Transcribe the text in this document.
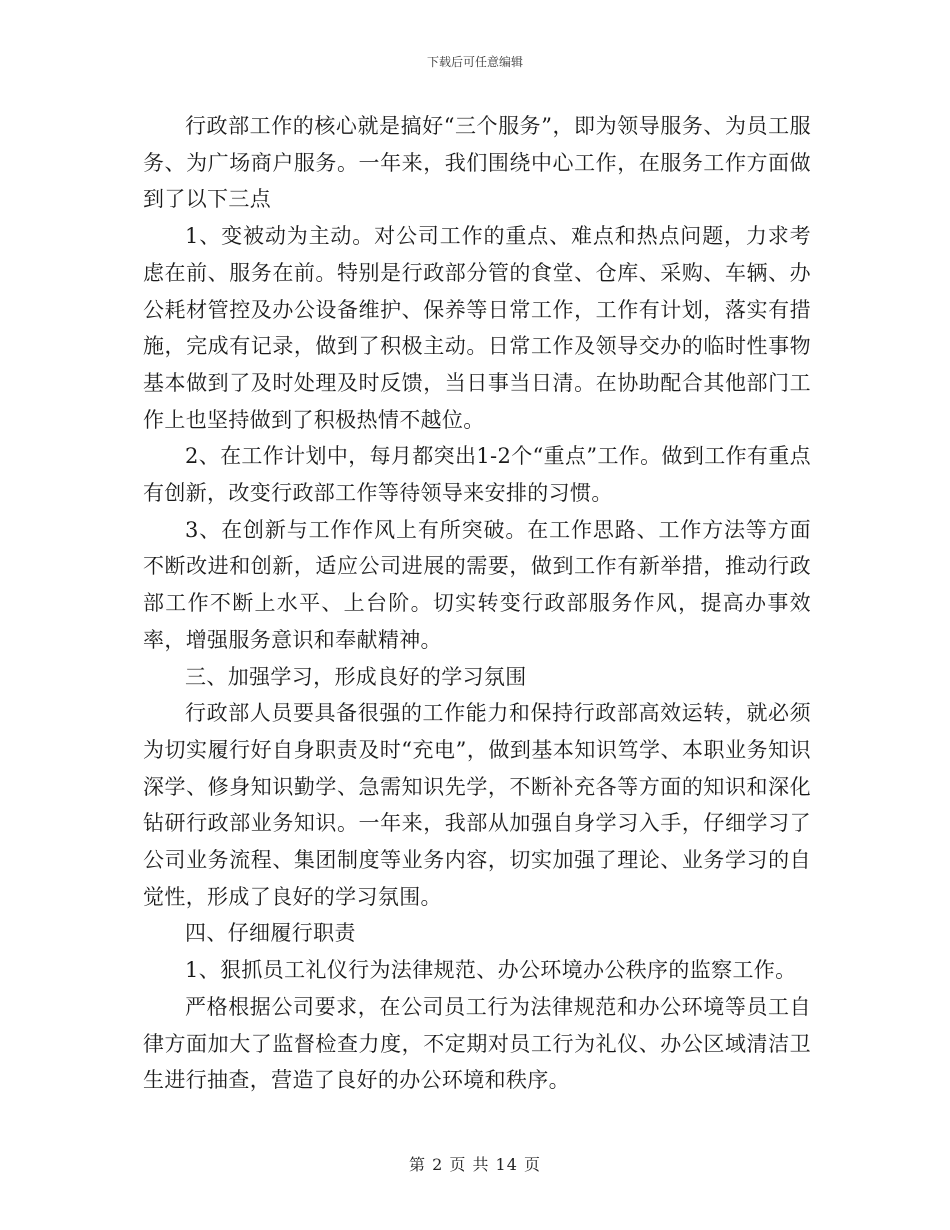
下载后可任意编辑

行政部工作的核心就是搞好“三个服务”，即为领导服务、为员工服务、为广场商户服务。一年来，我们围绕中心工作，在服务工作方面做到了以下三点

1、变被动为主动。对公司工作的重点、难点和热点问题，力求考虑在前、服务在前。特别是行政部分管的食堂、仓库、采购、车辆、办公耗材管控及办公设备维护、保养等日常工作，工作有计划，落实有措施，完成有记录，做到了积极主动。日常工作及领导交办的临时性事物基本做到了及时处理及时反馈，当日事当日清。在协助配合其他部门工作上也坚持做到了积极热情不越位。

2、在工作计划中，每月都突出1-2个“重点”工作。做到工作有重点有创新，改变行政部工作等待领导来安排的习惯。

3、在创新与工作作风上有所突破。在工作思路、工作方法等方面不断改进和创新，适应公司进展的需要，做到工作有新举措，推动行政部工作不断上水平、上台阶。切实转变行政部服务作风，提高办事效率，增强服务意识和奉献精神。

三、加强学习，形成良好的学习氛围

行政部人员要具备很强的工作能力和保持行政部高效运转，就必须为切实履行好自身职责及时“充电”，做到基本知识笃学、本职业务知识深学、修身知识勤学、急需知识先学，不断补充各等方面的知识和深化钻研行政部业务知识。一年来，我部从加强自身学习入手，仔细学习了公司业务流程、集团制度等业务内容，切实加强了理论、业务学习的自觉性，形成了良好的学习氛围。

四、仔细履行职责

1、狠抓员工礼仪行为法律规范、办公环境办公秩序的监察工作。

严格根据公司要求，在公司员工行为法律规范和办公环境等员工自律方面加大了监督检查力度，不定期对员工行为礼仪、办公区域清洁卫生进行抽查，营造了良好的办公环境和秩序。

第 2 页 共 14 页
